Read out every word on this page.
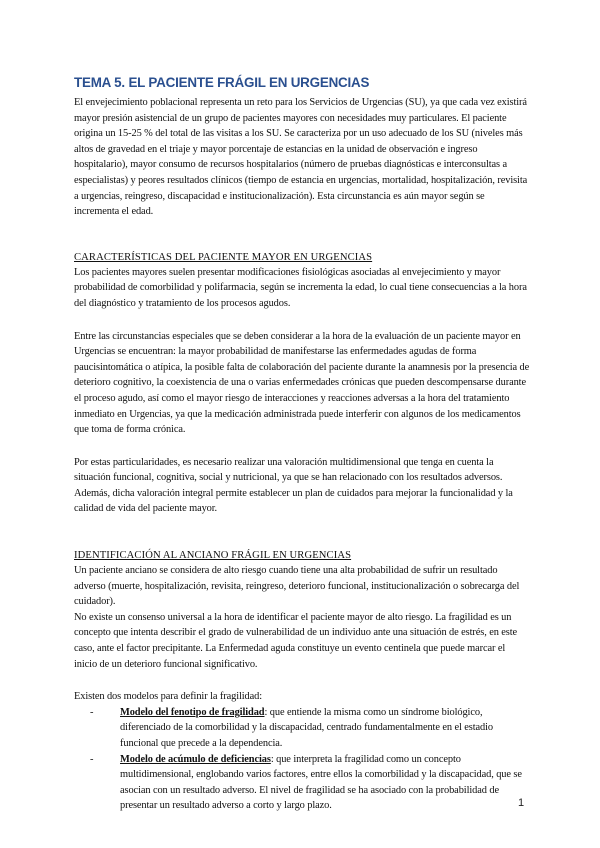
TEMA 5. EL PACIENTE FRÁGIL EN URGENCIAS

El envejecimiento poblacional representa un reto para los Servicios de Urgencias (SU), ya que cada vez existirá mayor presión asistencial de un grupo de pacientes mayores con necesidades muy particulares. El paciente origina un 15-25 % del total de las visitas a los SU. Se caracteriza por un uso adecuado de los SU (niveles más altos de gravedad en el triaje y mayor porcentaje de estancias en la unidad de observación e ingreso hospitalario), mayor consumo de recursos hospitalarios (número de pruebas diagnósticas e interconsultas a especialistas) y peores resultados clínicos (tiempo de estancia en urgencias, mortalidad, hospitalización, revisita a urgencias, reingreso, discapacidad e institucionalización). Esta circunstancia es aún mayor según se incrementa el edad.

CARACTERÍSTICAS DEL PACIENTE MAYOR EN URGENCIAS

Los pacientes mayores suelen presentar modificaciones fisiológicas asociadas al envejecimiento y mayor probabilidad de comorbilidad y polifarmacia, según se incrementa la edad, lo cual tiene consecuencias a la hora del diagnóstico y tratamiento de los procesos agudos.

Entre las circunstancias especiales que se deben considerar a la hora de la evaluación de un paciente mayor en Urgencias se encuentran: la mayor probabilidad de manifestarse las enfermedades agudas de forma paucisintomática o atípica, la posible falta de colaboración del paciente durante la anamnesis por la presencia de deterioro cognitivo, la coexistencia de una o varias enfermedades crónicas que pueden descompensarse durante el proceso agudo, así como el mayor riesgo de interacciones y reacciones adversas a la hora del tratamiento inmediato en Urgencias, ya que la medicación administrada puede interferir con algunos de los medicamentos que toma de forma crónica.

Por estas particularidades, es necesario realizar una valoración multidimensional que tenga en cuenta la situación funcional, cognitiva, social y nutricional, ya que se han relacionado con los resultados adversos. Además, dicha valoración integral permite establecer un plan de cuidados para mejorar la funcionalidad y la calidad de vida del paciente mayor.

IDENTIFICACIÓN AL ANCIANO FRÁGIL EN URGENCIAS

Un paciente anciano se considera de alto riesgo cuando tiene una alta probabilidad de sufrir un resultado adverso (muerte, hospitalización, revisita, reingreso, deterioro funcional, institucionalización o sobrecarga del cuidador).

No existe un consenso universal a la hora de identificar el paciente mayor de alto riesgo. La fragilidad es un concepto que intenta describir el grado de vulnerabilidad de un individuo ante una situación de estrés, en este caso, ante el factor precipitante. La Enfermedad aguda constituye un evento centinela que puede marcar el inicio de un deterioro funcional significativo.

Existen dos modelos para definir la fragilidad:

-	Modelo del fenotipo de fragilidad: que entiende la misma como un síndrome biológico, diferenciado de la comorbilidad y la discapacidad, centrado fundamentalmente en el estadio funcional que precede a la dependencia.
-	Modelo de acúmulo de deficiencias: que interpreta la fragilidad como un concepto multidimensional, englobando varios factores, entre ellos la comorbilidad y la discapacidad, que se asocian con un resultado adverso. El nivel de fragilidad se ha asociado con la probabilidad de presentar un resultado adverso a corto y largo plazo.	1
